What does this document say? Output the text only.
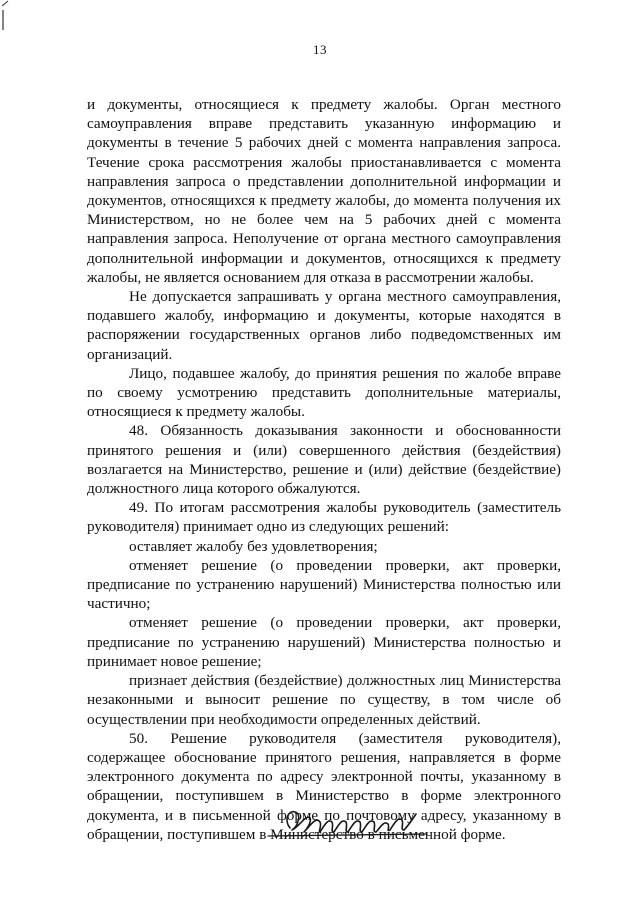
13

и документы, относящиеся к предмету жалобы. Орган местного самоуправления вправе представить указанную информацию и документы в течение 5 рабочих дней с момента направления запроса. Течение срока рассмотрения жалобы приостанавливается с момента направления запроса о представлении дополнительной информации и документов, относящихся к предмету жалобы, до момента получения их Министерством, но не более чем на 5 рабочих дней с момента направления запроса. Неполучение от органа местного самоуправления дополнительной информации и документов, относящихся к предмету жалобы, не является основанием для отказа в рассмотрении жалобы.

Не допускается запрашивать у органа местного самоуправления, подавшего жалобу, информацию и документы, которые находятся в распоряжении государственных органов либо подведомственных им организаций.

Лицо, подавшее жалобу, до принятия решения по жалобе вправе по своему усмотрению представить дополнительные материалы, относящиеся к предмету жалобы.

48. Обязанность доказывания законности и обоснованности принятого решения и (или) совершенного действия (бездействия) возлагается на Министерство, решение и (или) действие (бездействие) должностного лица которого обжалуются.

49. По итогам рассмотрения жалобы руководитель (заместитель руководителя) принимает одно из следующих решений:

оставляет жалобу без удовлетворения;

отменяет решение (о проведении проверки, акт проверки, предписание по устранению нарушений) Министерства полностью или частично;

отменяет решение (о проведении проверки, акт проверки, предписание по устранению нарушений) Министерства полностью и принимает новое решение;

признает действия (бездействие) должностных лиц Министерства незаконными и выносит решение по существу, в том числе об осуществлении при необходимости определенных действий.

50. Решение руководителя (заместителя руководителя), содержащее обоснование принятого решения, направляется в форме электронного документа по адресу электронной почты, указанному в обращении, поступившем в Министерство в форме электронного документа, и в письменной форме по почтовому адресу, указанному в обращении, поступившем в Министерство в письменной форме.
